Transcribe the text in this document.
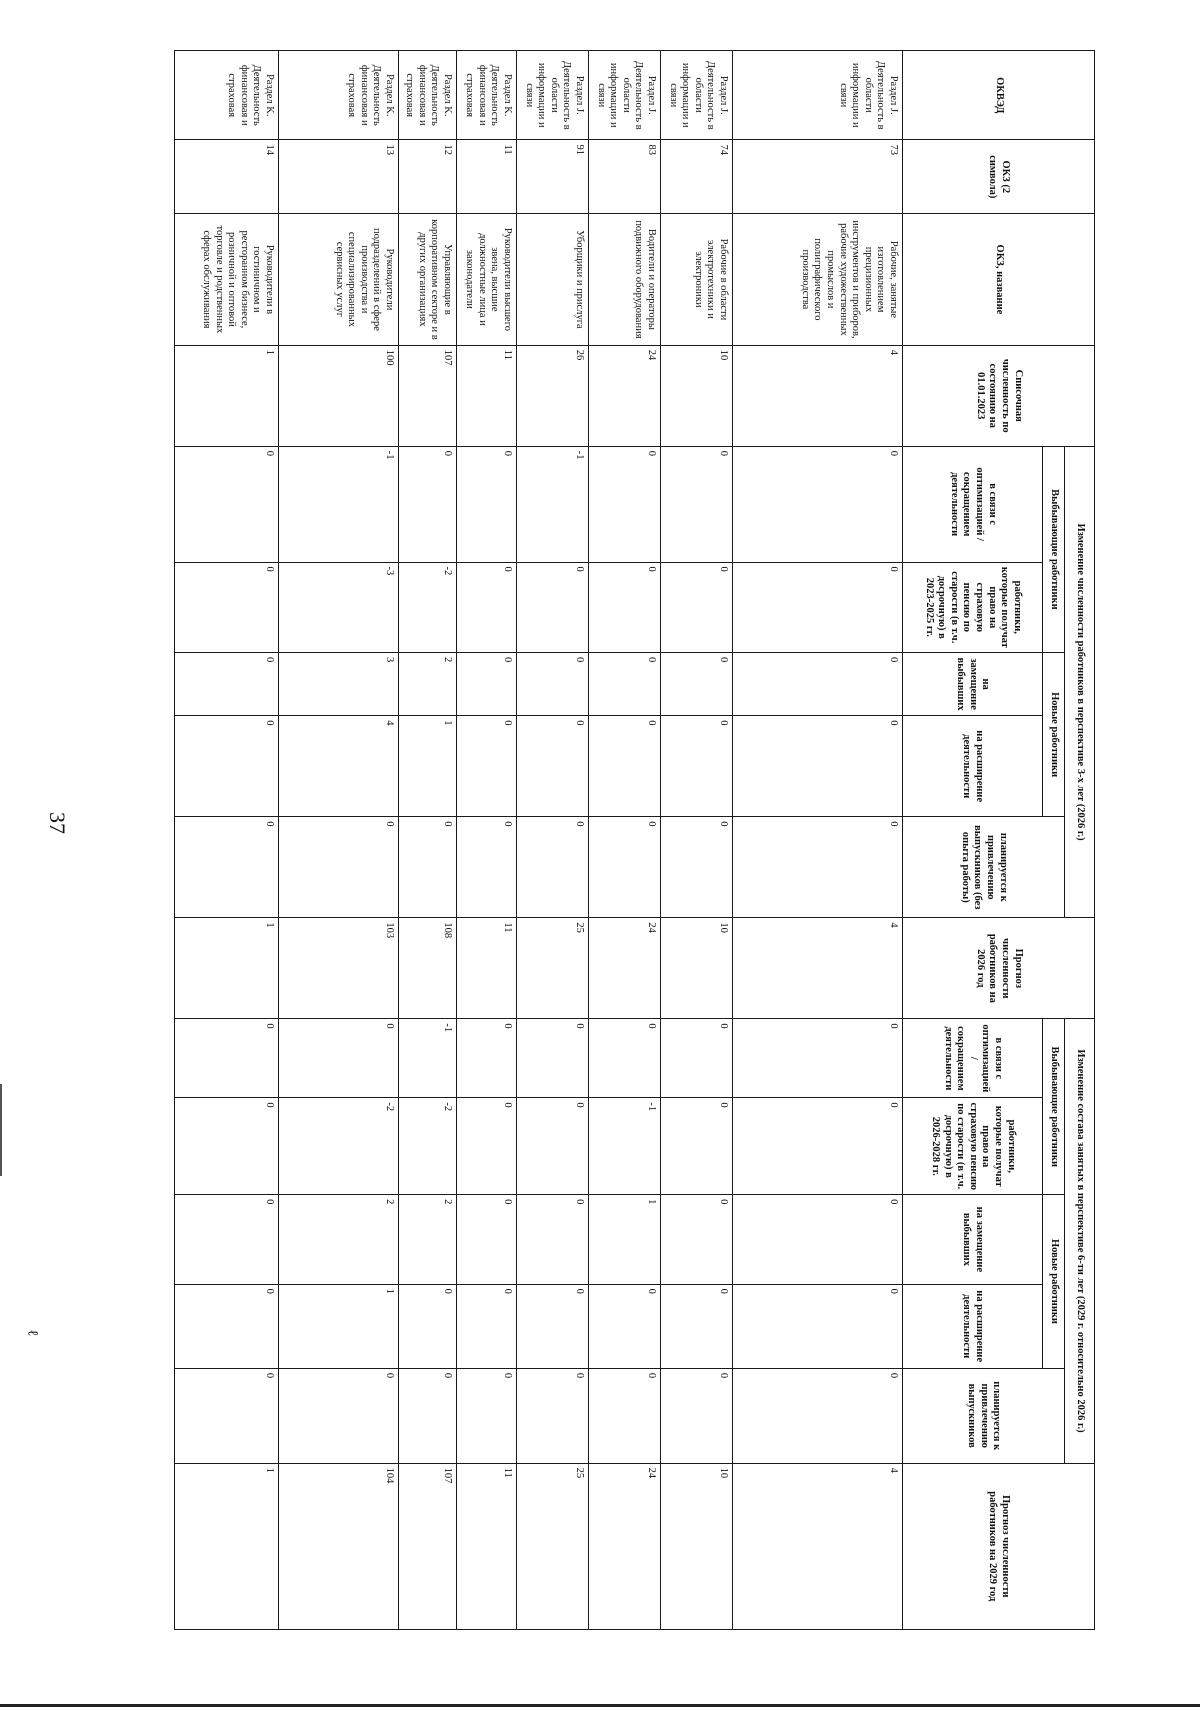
37
ℓ
ОКВЭД	ОКЗ (2 символа)	ОКЗ, название	Списочная численность по состоянию на 01.01.2023	Изменение численности работников в перспективе 3-х лет (2026 г.)					Прогноз численности работников на 2026 год	Изменение состава занятых в перспективе 6-ти лет (2029 г. относительно 2026 г.)					Прогноз численности работников на 2029 год
				Выбывающие работники		Новые работники		планируется к привлечению выпускников (без опыта работы)		Выбывающие работники		Новые работники		планируется к привлечению выпускников	
				в связи с оптимизацией / сокращением деятельности	работники, которые получат право на страховую пенсию по старости (в т.ч. досрочную) в 2023-2025 гг.	на замещение выбывших	на расширение деятельности			в связи с оптимизацией / сокращением деятельности	работники, которые получат право на страховую пенсию по старости (в т.ч. досрочную) в 2026-2028 гг.	на замещение выбывших	на расширение деятельности		
Раздел J. Деятельность в области информации и связи	73	Рабочие, занятые изготовлением прецизионных инструментов и приборов, рабочие художественных промыслов и полиграфического производства	4	0	0	0	0	0	4	0	0	0	0	0	4
Раздел J. Деятельность в области информации и связи	74	Рабочие в области электротехники и электроники	10	0	0	0	0	0	10	0	0	0	0	0	10
Раздел J. Деятельность в области информации и связи	83	Водители и операторы подвижного оборудования	24	0	0	0	0	0	24	0	-1	1	0	0	24
Раздел J. Деятельность в области информации и связи	91	Уборщики и прислуга	26	-1	0	0	0	0	25	0	0	0	0	0	25
Раздел K. Деятельность финансовая и страховая	11	Руководители высшего звена, высшие должностные лица и законодатели	11	0	0	0	0	0	11	0	0	0	0	0	11
Раздел K. Деятельность финансовая и страховая	12	Управляющие в корпоративном секторе и в других организациях	107	0	-2	2	1	0	108	-1	-2	2	0	0	107
Раздел K. Деятельность финансовая и страховая	13	Руководители подразделений в сфере производства и специализированных сервисных услуг	100	-1	-3	3	4	0	103	0	-2	2	1	0	104
Раздел K. Деятельность финансовая и страховая	14	Руководители в гостиничном и ресторанном бизнесе, розничной и оптовой торговле и родственных сферах обслуживания	1	0	0	0	0	0	1	0	0	0	0	0	1
